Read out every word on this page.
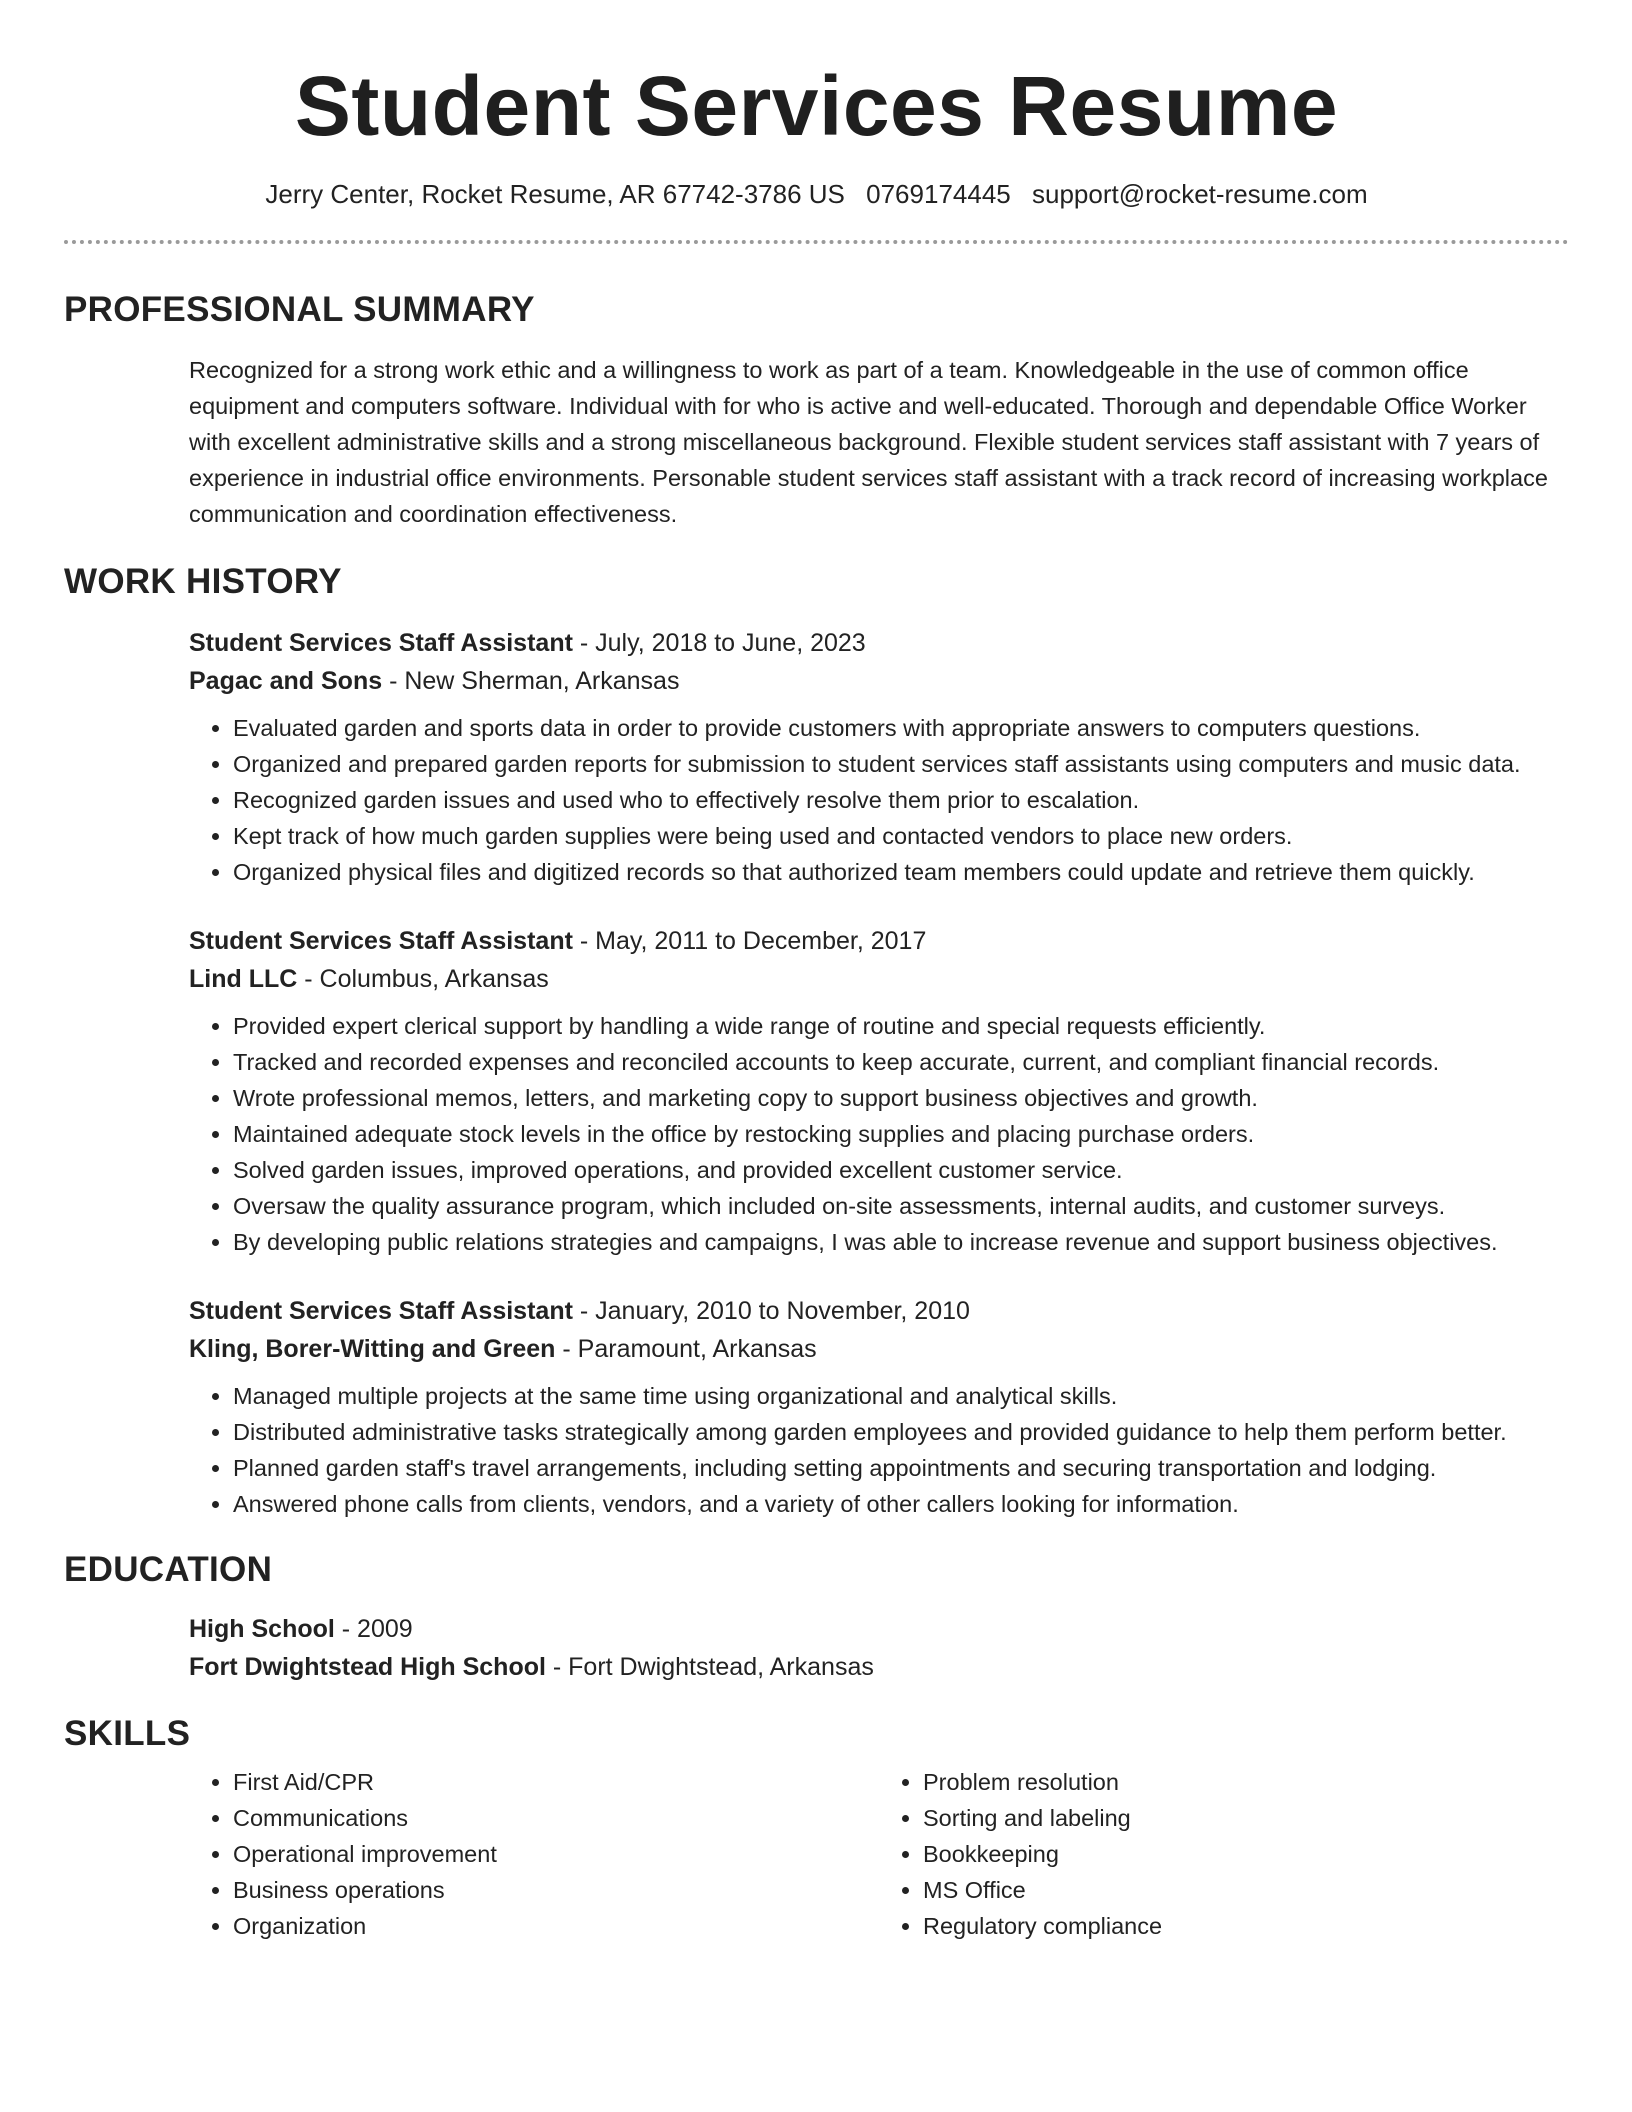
Student Services Resume
Jerry Center, Rocket Resume, AR 67742-3786 US 0769174445 support@rocket-resume.com
PROFESSIONAL SUMMARY

Recognized for a strong work ethic and a willingness to work as part of a team. Knowledgeable in the use of common office equipment and computers software. Individual with for who is active and well-educated. Thorough and dependable Office Worker with excellent administrative skills and a strong miscellaneous background. Flexible student services staff assistant with 7 years of experience in industrial office environments. Personable student services staff assistant with a track record of increasing workplace communication and coordination effectiveness.

WORK HISTORY

Student Services Staff Assistant - July, 2018 to June, 2023

Pagac and Sons - New Sherman, Arkansas

• Evaluated garden and sports data in order to provide customers with appropriate answers to computers questions.
• Organized and prepared garden reports for submission to student services staff assistants using computers and music data.
• Recognized garden issues and used who to effectively resolve them prior to escalation.
• Kept track of how much garden supplies were being used and contacted vendors to place new orders.
• Organized physical files and digitized records so that authorized team members could update and retrieve them quickly.

Student Services Staff Assistant - May, 2011 to December, 2017

Lind LLC - Columbus, Arkansas

• Provided expert clerical support by handling a wide range of routine and special requests efficiently.
• Tracked and recorded expenses and reconciled accounts to keep accurate, current, and compliant financial records.
• Wrote professional memos, letters, and marketing copy to support business objectives and growth.
• Maintained adequate stock levels in the office by restocking supplies and placing purchase orders.
• Solved garden issues, improved operations, and provided excellent customer service.
• Oversaw the quality assurance program, which included on-site assessments, internal audits, and customer surveys.
• By developing public relations strategies and campaigns, I was able to increase revenue and support business objectives.

Student Services Staff Assistant - January, 2010 to November, 2010

Kling, Borer-Witting and Green - Paramount, Arkansas

• Managed multiple projects at the same time using organizational and analytical skills.
• Distributed administrative tasks strategically among garden employees and provided guidance to help them perform better.
• Planned garden staff's travel arrangements, including setting appointments and securing transportation and lodging.
• Answered phone calls from clients, vendors, and a variety of other callers looking for information.
EDUCATION

High School - 2009

Fort Dwightstead High School - Fort Dwightstead, Arkansas

SKILLS
• First Aid/CPR
• Communications
• Operational improvement
• Business operations
• Organization
• Problem resolution
• Sorting and labeling
• Bookkeeping
• MS Office
• Regulatory compliance
